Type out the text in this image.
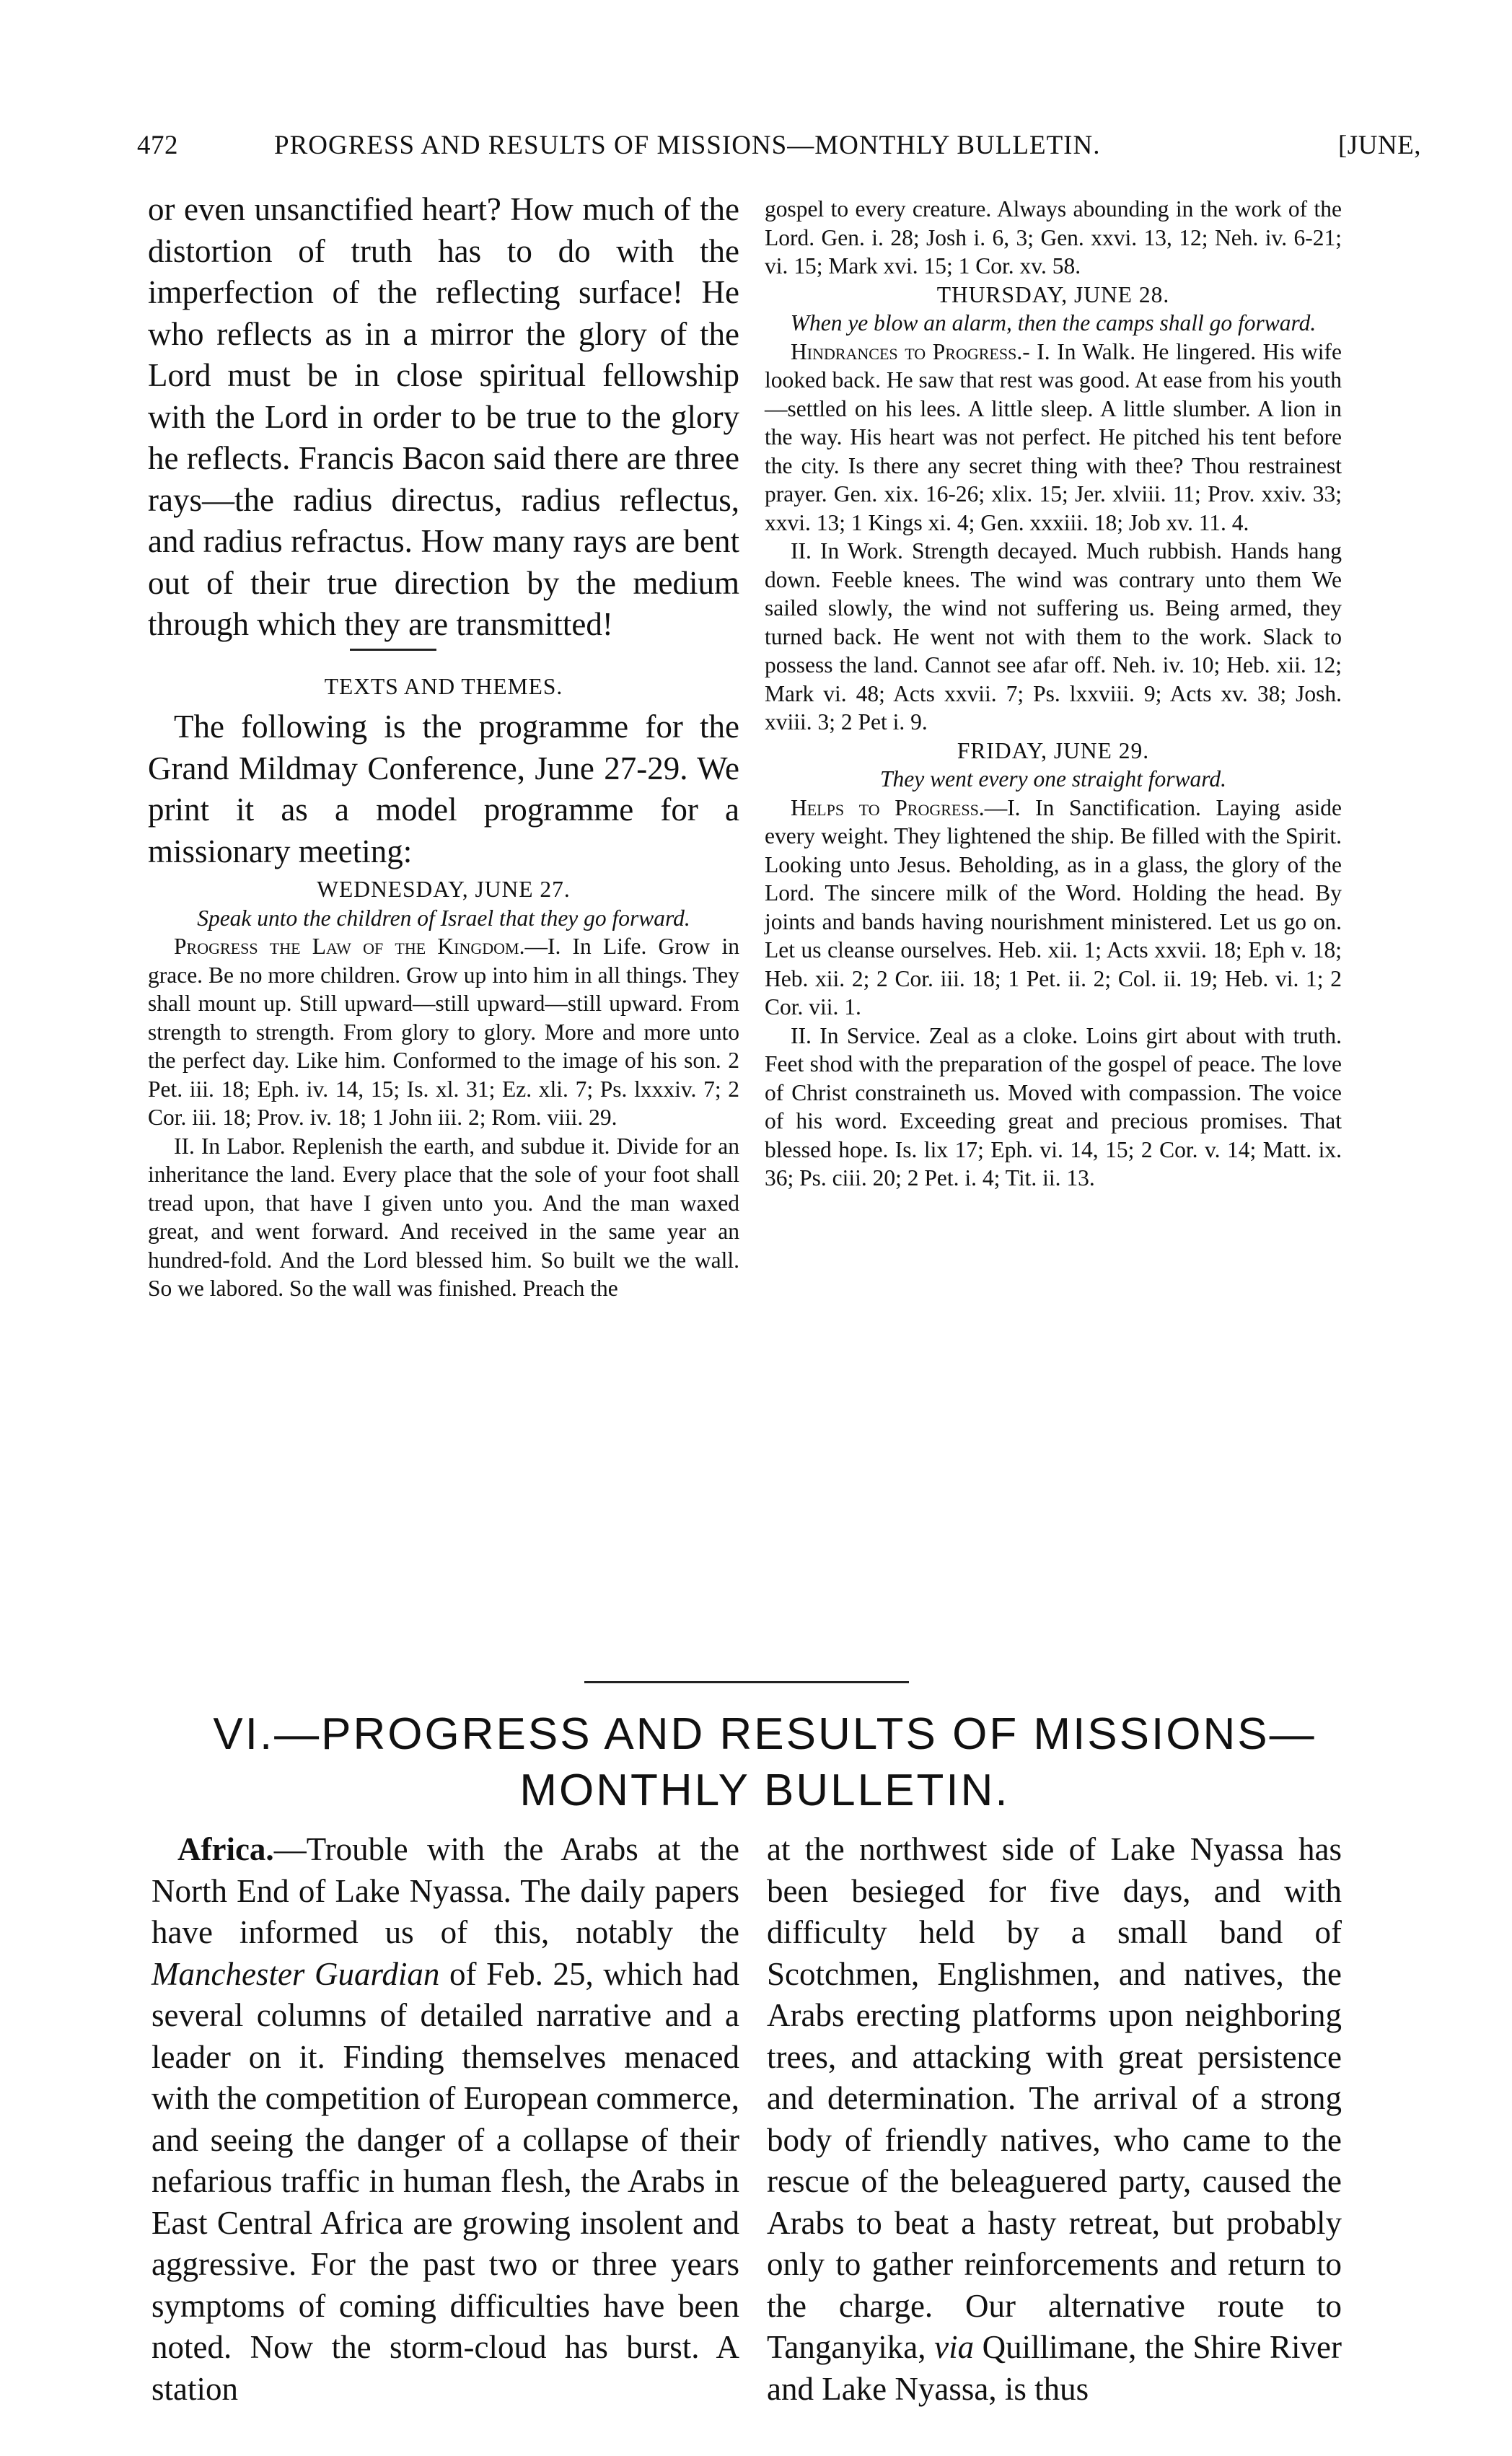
472	PROGRESS AND RESULTS OF MISSIONS—MONTHLY BULLETIN.	[JUNE,

or even unsanctified heart? How much of the distortion of truth has to do with the imperfection of the reflecting surface! He who reflects as in a mirror the glory of the Lord must be in close spiritual fellowship with the Lord in order to be true to the glory he reflects. Francis Bacon said there are three rays—the radius directus, radius reflectus, and radius refractus. How many rays are bent out of their true direction by the medium through which they are transmitted!

TEXTS AND THEMES.

The following is the programme for the Grand Mildmay Conference, June 27-29. We print it as a model programme for a missionary meeting:

WEDNESDAY, JUNE 27.

Speak unto the children of Israel that they go forward.

Progress the Law of the Kingdom.—I. In Life. Grow in grace. Be no more children. Grow up into him in all things. They shall mount up. Still upward—still upward—still upward. From strength to strength. From glory to glory. More and more unto the perfect day. Like him. Conformed to the image of his son. 2 Pet. iii. 18; Eph. iv. 14, 15; Is. xl. 31; Ez. xli. 7; Ps. lxxxiv. 7; 2 Cor. iii. 18; Prov. iv. 18; 1 John iii. 2; Rom. viii. 29.

II. In Labor. Replenish the earth, and subdue it. Divide for an inheritance the land. Every place that the sole of your foot shall tread upon, that have I given unto you. And the man waxed great, and went forward. And received in the same year an hundred-fold. And the Lord blessed him. So built we the wall. So we labored. So the wall was finished. Preach the

gospel to every creature. Always abounding in the work of the Lord. Gen. i. 28; Josh i. 6, 3; Gen. xxvi. 13, 12; Neh. iv. 6-21; vi. 15; Mark xvi. 15; 1 Cor. xv. 58.

THURSDAY, JUNE 28.

When ye blow an alarm, then the camps shall go forward.

Hindrances to Progress.- I. In Walk. He lingered. His wife looked back. He saw that rest was good. At ease from his youth—settled on his lees. A little sleep. A little slumber. A lion in the way. His heart was not perfect. He pitched his tent before the city. Is there any secret thing with thee? Thou restrainest prayer. Gen. xix. 16-26; xlix. 15; Jer. xlviii. 11; Prov. xxiv. 33; xxvi. 13; 1 Kings xi. 4; Gen. xxxiii. 18; Job xv. 11. 4.

II. In Work. Strength decayed. Much rubbish. Hands hang down. Feeble knees. The wind was contrary unto them We sailed slowly, the wind not suffering us. Being armed, they turned back. He went not with them to the work. Slack to possess the land. Cannot see afar off. Neh. iv. 10; Heb. xii. 12; Mark vi. 48; Acts xxvii. 7; Ps. lxxviii. 9; Acts xv. 38; Josh. xviii. 3; 2 Pet i. 9.

FRIDAY, JUNE 29.

They went every one straight forward.

Helps to Progress.—I. In Sanctification. Laying aside every weight. They lightened the ship. Be filled with the Spirit. Looking unto Jesus. Beholding, as in a glass, the glory of the Lord. The sincere milk of the Word. Holding the head. By joints and bands having nourishment ministered. Let us go on. Let us cleanse ourselves. Heb. xii. 1; Acts xxvii. 18; Eph v. 18; Heb. xii. 2; 2 Cor. iii. 18; 1 Pet. ii. 2; Col. ii. 19; Heb. vi. 1; 2 Cor. vii. 1.

II. In Service. Zeal as a cloke. Loins girt about with truth. Feet shod with the preparation of the gospel of peace. The love of Christ constraineth us. Moved with compassion. The voice of his word. Exceeding great and precious promises. That blessed hope. Is. lix 17; Eph. vi. 14, 15; 2 Cor. v. 14; Matt. ix. 36; Ps. ciii. 20; 2 Pet. i. 4; Tit. ii. 13.

VI.—PROGRESS AND RESULTS OF MISSIONS—
MONTHLY BULLETIN.

Africa.—Trouble with the Arabs at the North End of Lake Nyassa. The daily papers have informed us of this, notably the Manchester Guardian of Feb. 25, which had several columns of detailed narrative and a leader on it. Finding themselves menaced with the competition of European commerce, and seeing the danger of a collapse of their nefarious traffic in human flesh, the Arabs in East Central Africa are growing insolent and aggressive. For the past two or three years symptoms of coming difficulties have been noted. Now the storm-cloud has burst. A station

at the northwest side of Lake Nyassa has been besieged for five days, and with difficulty held by a small band of Scotchmen, Englishmen, and natives, the Arabs erecting platforms upon neighboring trees, and attacking with great persistence and determination. The arrival of a strong body of friendly natives, who came to the rescue of the beleaguered party, caused the Arabs to beat a hasty retreat, but probably only to gather reinforcements and return to the charge. Our alternative route to Tanganyika, via Quillimane, the Shire River and Lake Nyassa, is thus
